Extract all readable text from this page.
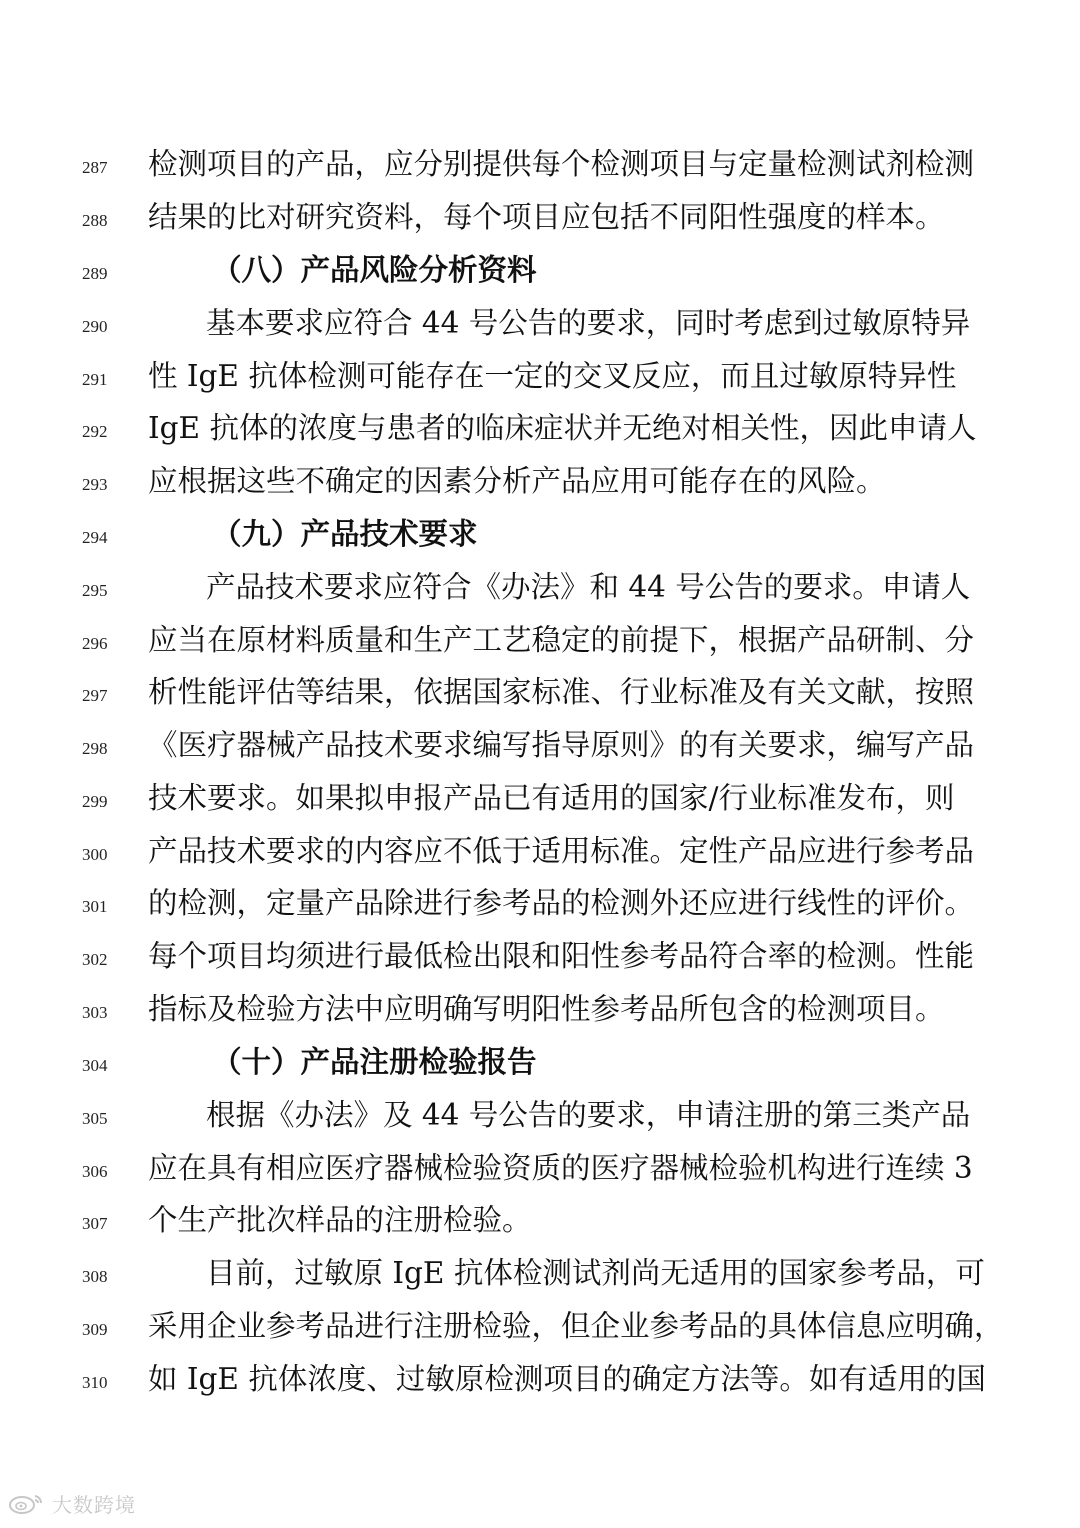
287	检测项目的产品，应分别提供每个检测项目与定量检测试剂检测
288	结果的比对研究资料，每个项目应包括不同阳性强度的样本。
289	（八）产品风险分析资料
290	基本要求应符合 44 号公告的要求，同时考虑到过敏原特异
291	性 IgE 抗体检测可能存在一定的交叉反应，而且过敏原特异性
292	IgE 抗体的浓度与患者的临床症状并无绝对相关性，因此申请人
293	应根据这些不确定的因素分析产品应用可能存在的风险。
294	（九）产品技术要求
295	产品技术要求应符合《办法》和 44 号公告的要求。申请人
296	应当在原材料质量和生产工艺稳定的前提下，根据产品研制、分
297	析性能评估等结果，依据国家标准、行业标准及有关文献，按照
298	《医疗器械产品技术要求编写指导原则》的有关要求，编写产品
299	技术要求。如果拟申报产品已有适用的国家/行业标准发布，则
300	产品技术要求的内容应不低于适用标准。定性产品应进行参考品
301	的检测，定量产品除进行参考品的检测外还应进行线性的评价。
302	每个项目均须进行最低检出限和阳性参考品符合率的检测。性能
303	指标及检验方法中应明确写明阳性参考品所包含的检测项目。
304	（十）产品注册检验报告
305	根据《办法》及 44 号公告的要求，申请注册的第三类产品
306	应在具有相应医疗器械检验资质的医疗器械检验机构进行连续 3
307	个生产批次样品的注册检验。
308	目前，过敏原 IgE 抗体检测试剂尚无适用的国家参考品，可
309	采用企业参考品进行注册检验，但企业参考品的具体信息应明确，
310	如 IgE 抗体浓度、过敏原检测项目的确定方法等。如有适用的国
大数跨境
